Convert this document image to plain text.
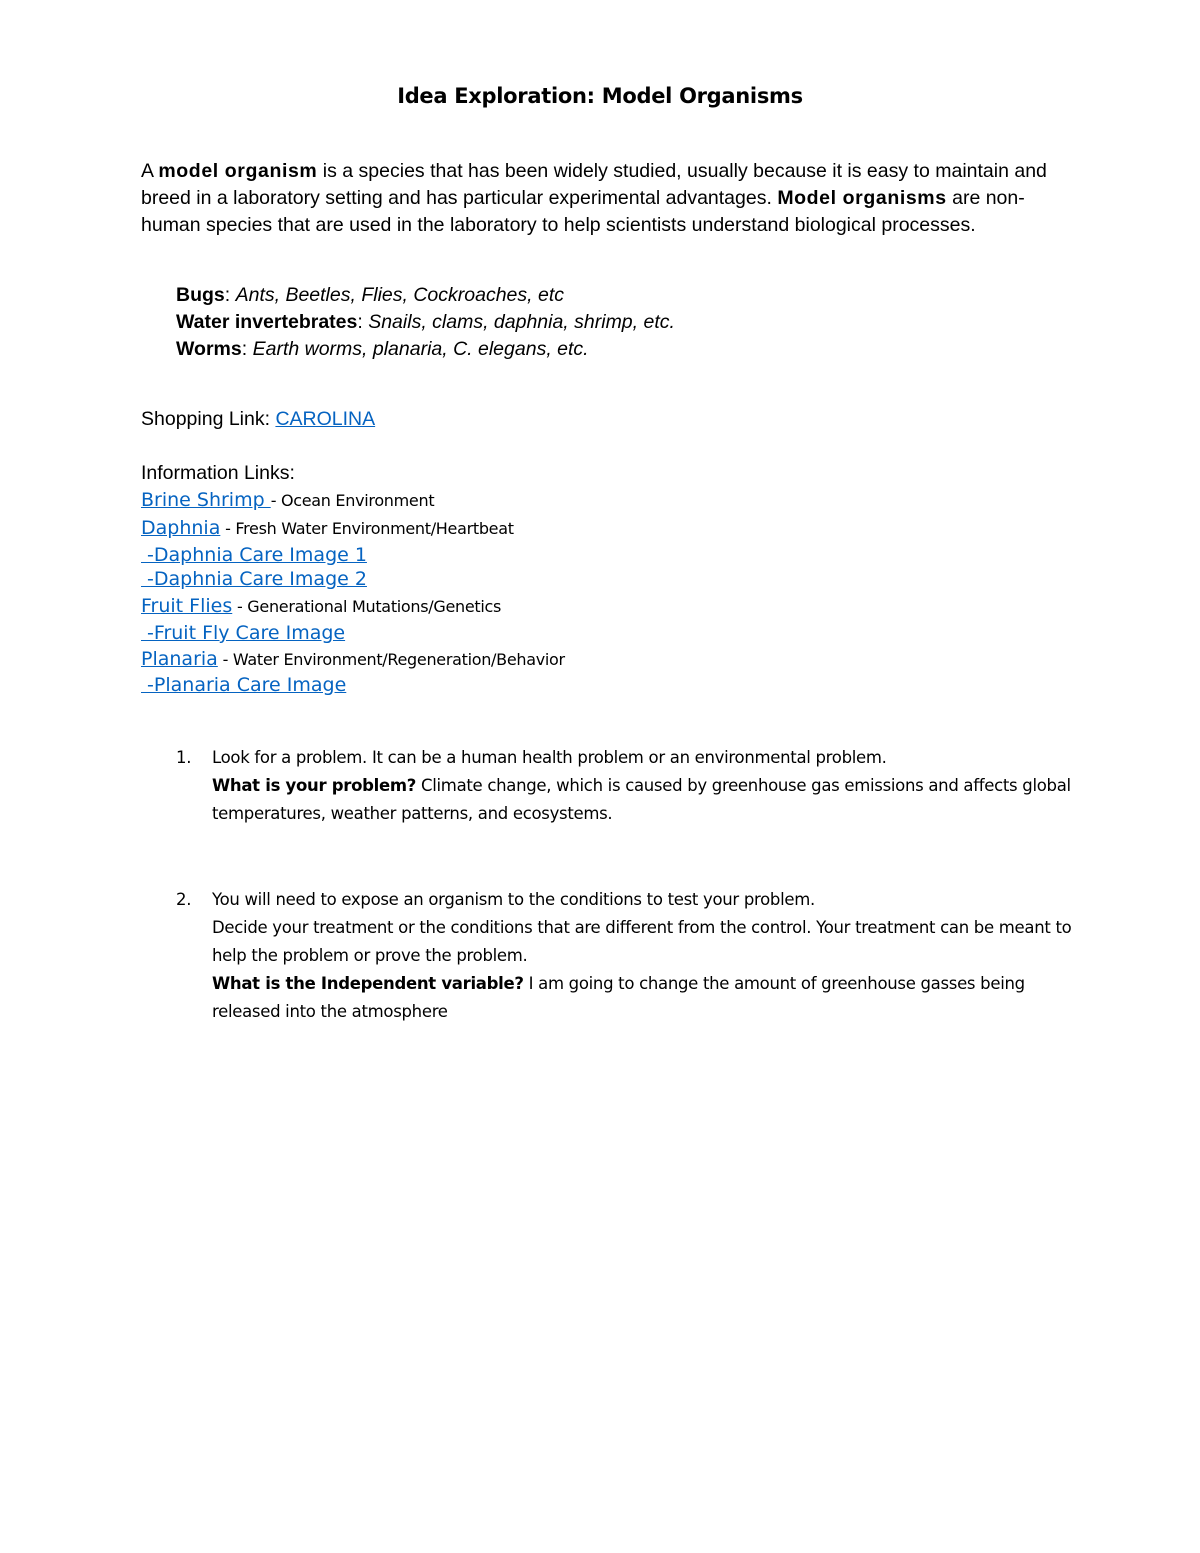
Idea Exploration: Model Organisms
A model organism is a species that has been widely studied, usually because it is easy to maintain and breed in a laboratory setting and has particular experimental advantages. Model organisms are non-human species that are used in the laboratory to help scientists understand biological processes.
Bugs: Ants, Beetles, Flies, Cockroaches, etc
Water invertebrates: Snails, clams, daphnia, shrimp, etc.
Worms: Earth worms, planaria, C. elegans, etc.
Shopping Link: CAROLINA
Information Links:
Brine Shrimp - Ocean Environment
Daphnia - Fresh Water Environment/Heartbeat
-Daphnia Care Image 1
-Daphnia Care Image 2
Fruit Flies - Generational Mutations/Genetics
-Fruit Fly Care Image
Planaria - Water Environment/Regeneration/Behavior
-Planaria Care Image
1. Look for a problem. It can be a human health problem or an environmental problem.
What is your problem? Climate change, which is caused by greenhouse gas emissions and affects global temperatures, weather patterns, and ecosystems.
2. You will need to expose an organism to the conditions to test your problem.
Decide your treatment or the conditions that are different from the control. Your treatment can be meant to help the problem or prove the problem.
What is the Independent variable? I am going to change the amount of greenhouse gasses being released into the atmosphere
